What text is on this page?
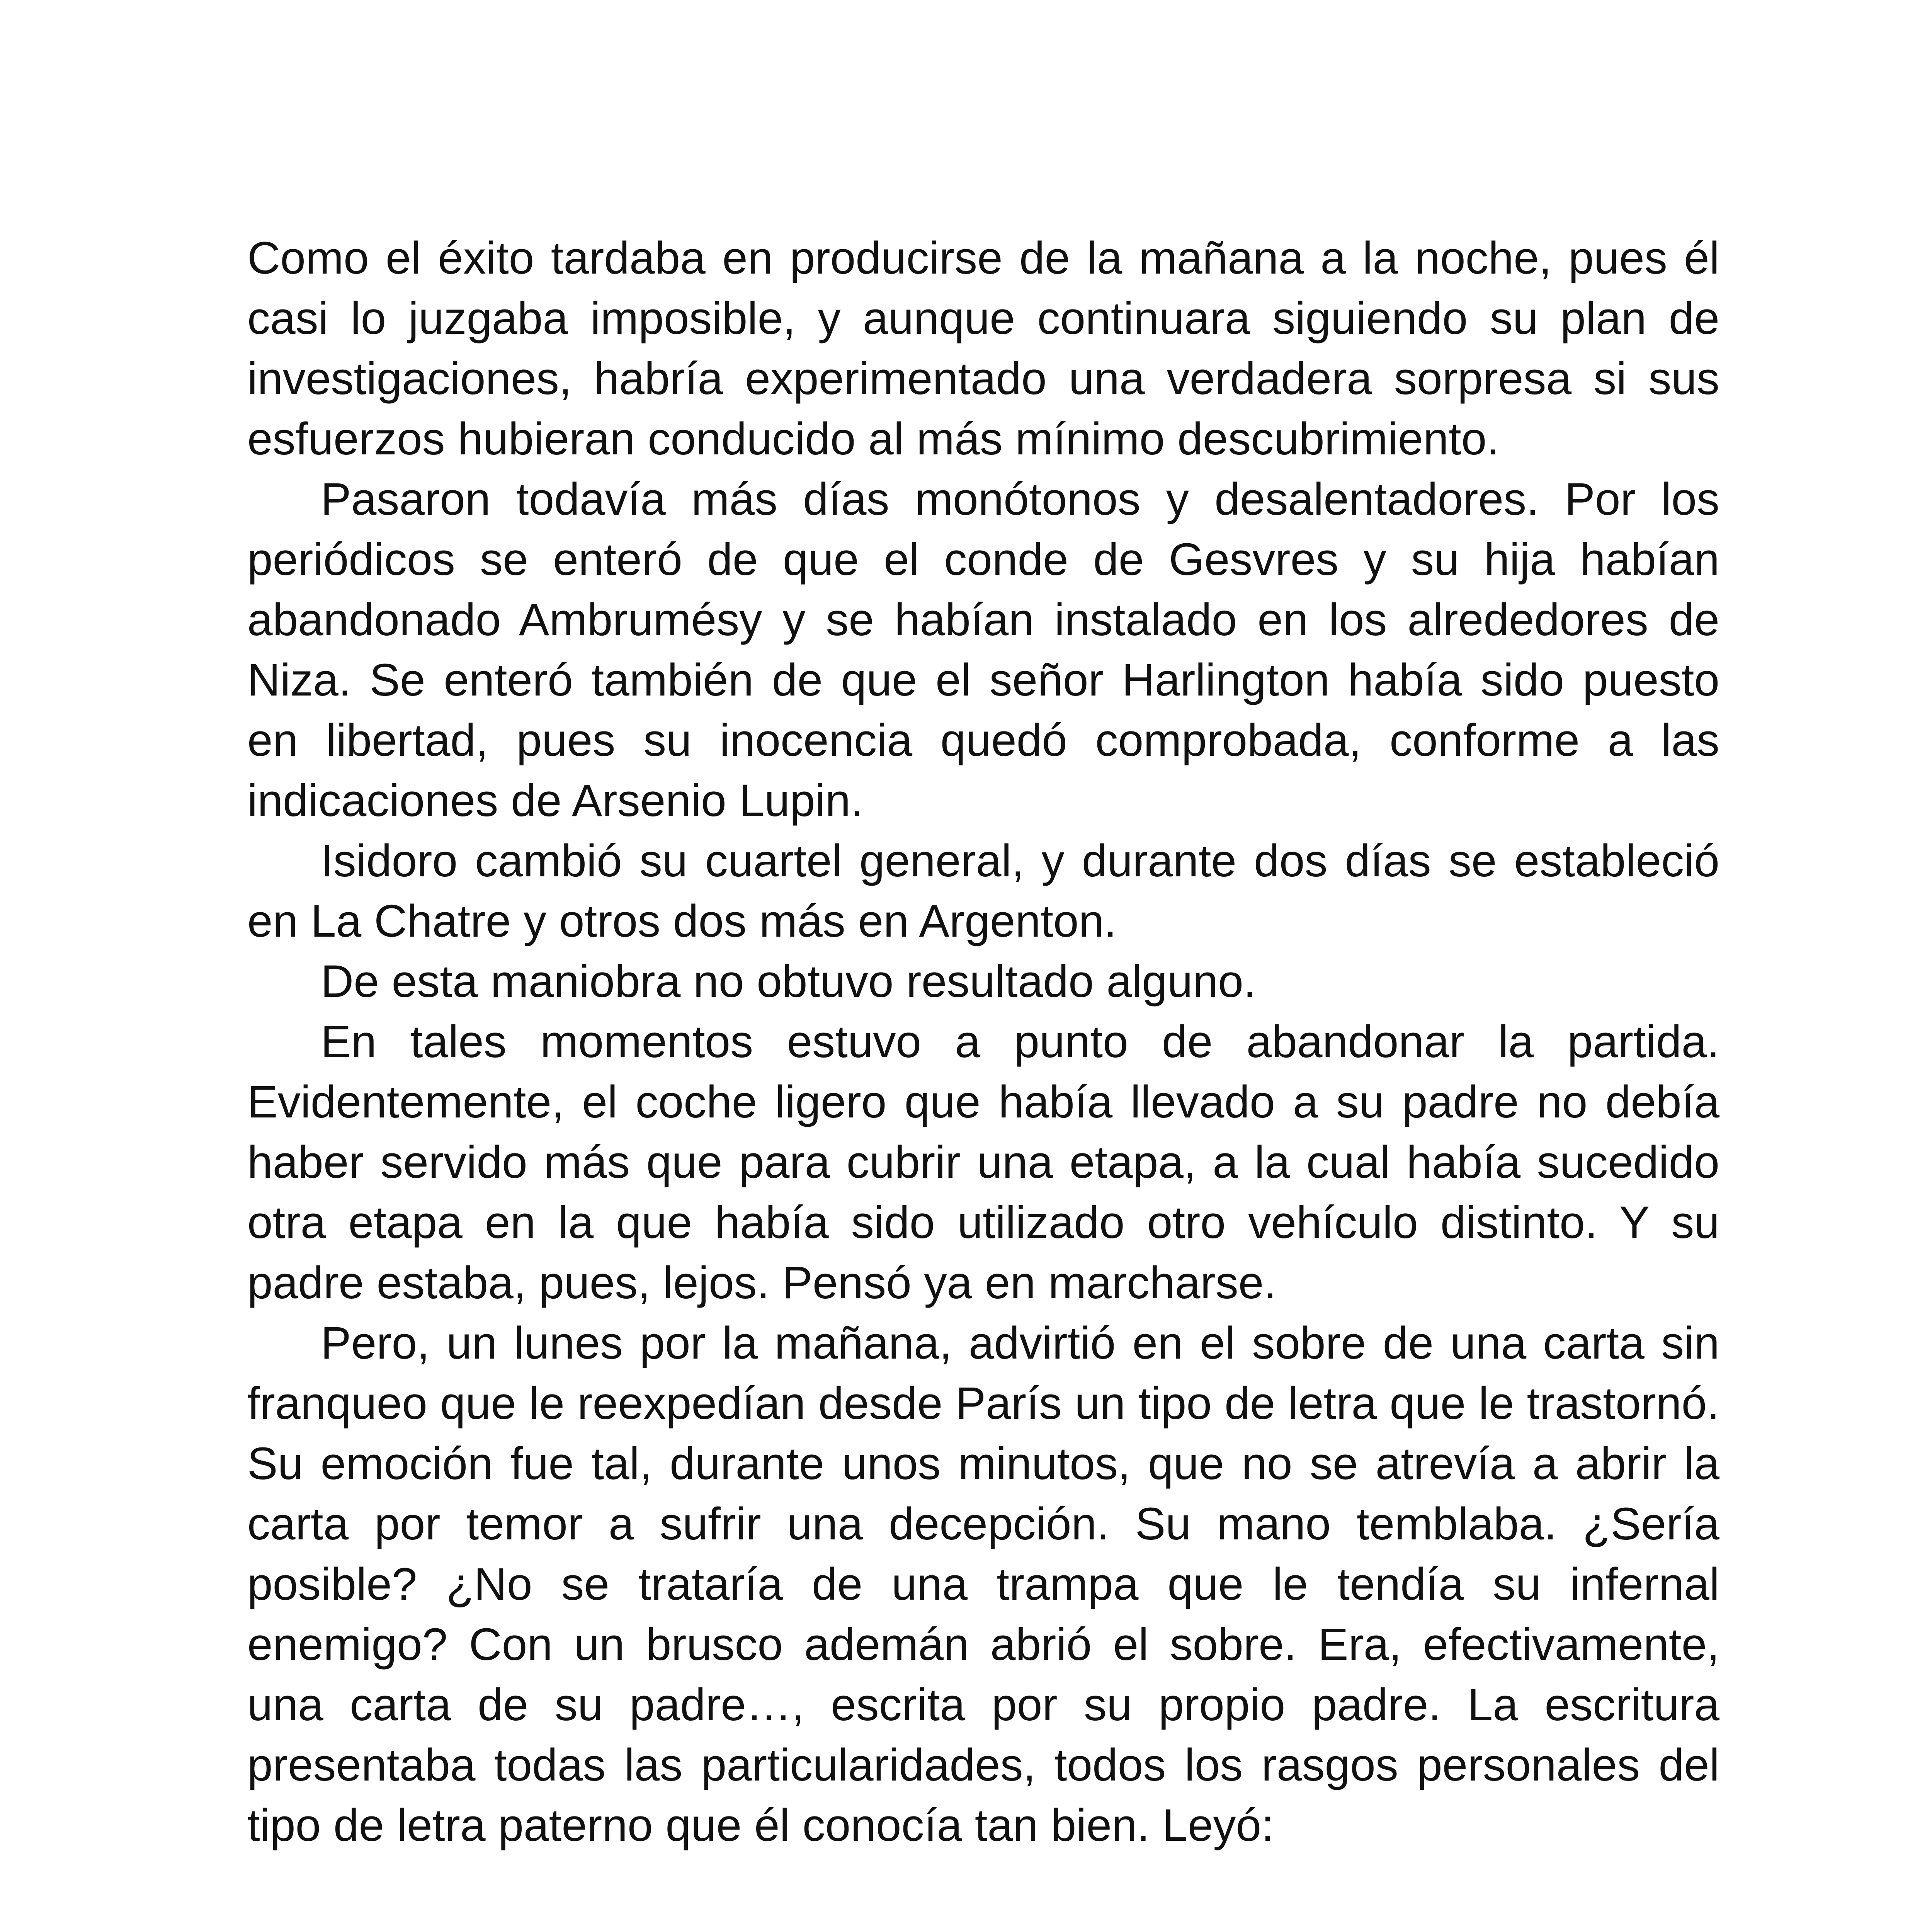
Como el éxito tardaba en producirse de la mañana a la noche, pues él casi lo juzgaba imposible, y aunque continuara siguiendo su plan de investigaciones, habría experimentado una verdadera sorpresa si sus esfuerzos hubieran conducido al más mínimo descubrimiento.

Pasaron todavía más días monótonos y desalentadores. Por los periódicos se enteró de que el conde de Gesvres y su hija habían abandonado Ambrumésy y se habían instalado en los alrededores de Niza. Se enteró también de que el señor Harlington había sido puesto en libertad, pues su inocencia quedó comprobada, conforme a las indicaciones de Arsenio Lupin.

Isidoro cambió su cuartel general, y durante dos días se estableció en La Chatre y otros dos más en Argenton.

De esta maniobra no obtuvo resultado alguno.

En tales momentos estuvo a punto de abandonar la partida. Evidentemente, el coche ligero que había llevado a su padre no debía haber servido más que para cubrir una etapa, a la cual había sucedido otra etapa en la que había sido utilizado otro vehículo distinto. Y su padre estaba, pues, lejos. Pensó ya en marcharse.

Pero, un lunes por la mañana, advirtió en el sobre de una carta sin franqueo que le reexpedían desde París un tipo de letra que le trastornó. Su emoción fue tal, durante unos minutos, que no se atrevía a abrir la carta por temor a sufrir una decepción. Su mano temblaba. ¿Sería posible? ¿No se trataría de una trampa que le tendía su infernal enemigo? Con un brusco ademán abrió el sobre. Era, efectivamente, una carta de su padre…, escrita por su propio padre. La escritura presentaba todas las particularidades, todos los rasgos personales del tipo de letra paterno que él conocía tan bien. Leyó:
